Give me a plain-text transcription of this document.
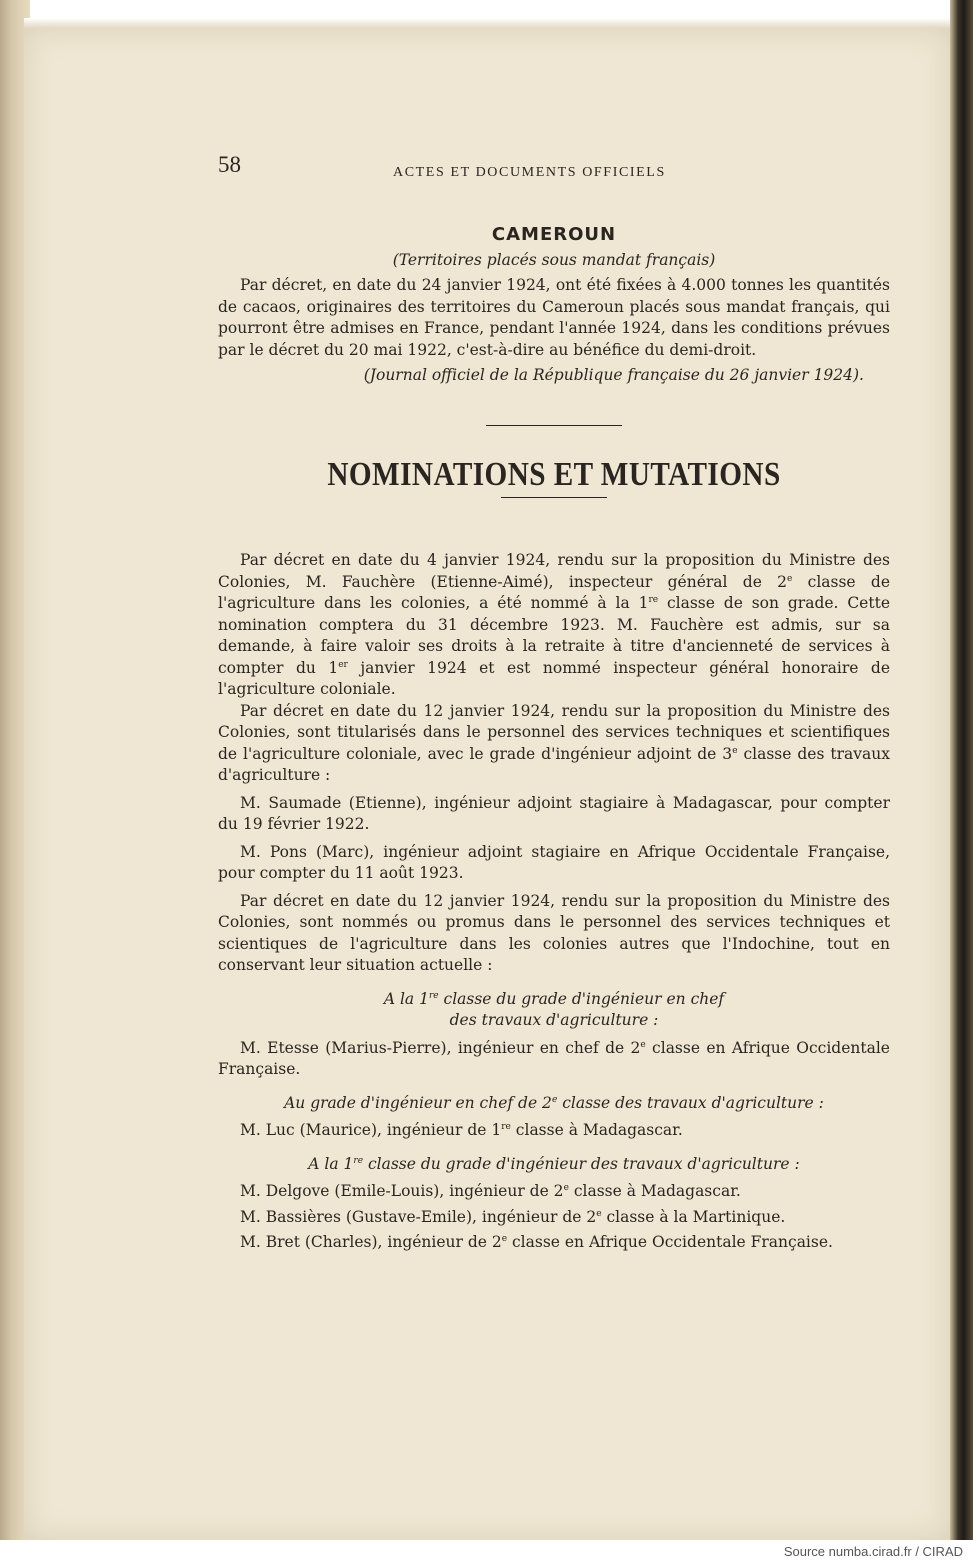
58	ACTES ET DOCUMENTS OFFICIELS
CAMEROUN
(Territoires placés sous mandat français)

Par décret, en date du 24 janvier 1924, ont été fixées à 4.000 tonnes les quantités de cacaos, originaires des territoires du Cameroun placés sous mandat français, qui pourront être admises en France, pendant l'année 1924, dans les conditions prévues par le décret du 20 mai 1922, c'est-à-dire au bénéfice du demi-droit.

(Journal officiel de la République française du 26 janvier 1924).

NOMINATIONS ET MUTATIONS

Par décret en date du 4 janvier 1924, rendu sur la proposition du Ministre des Colonies, M. Fauchère (Etienne-Aimé), inspecteur général de 2e classe de l'agriculture dans les colonies, a été nommé à la 1re classe de son grade. Cette nomination comptera du 31 décembre 1923. M. Fauchère est admis, sur sa demande, à faire valoir ses droits à la retraite à titre d'ancienneté de services à compter du 1er janvier 1924 et est nommé inspecteur général honoraire de l'agriculture coloniale.

Par décret en date du 12 janvier 1924, rendu sur la proposition du Ministre des Colonies, sont titularisés dans le personnel des services techniques et scientifiques de l'agriculture coloniale, avec le grade d'ingénieur adjoint de 3e classe des travaux d'agriculture :

M. Saumade (Etienne), ingénieur adjoint stagiaire à Madagascar, pour compter du 19 février 1922.

M. Pons (Marc), ingénieur adjoint stagiaire en Afrique Occidentale Française, pour compter du 11 août 1923.

Par décret en date du 12 janvier 1924, rendu sur la proposition du Ministre des Colonies, sont nommés ou promus dans le personnel des services techniques et scientiques de l'agriculture dans les colonies autres que l'Indochine, tout en conservant leur situation actuelle :

A la 1re classe du grade d'ingénieur en chef
des travaux d'agriculture :

M. Etesse (Marius-Pierre), ingénieur en chef de 2e classe en Afrique Occidentale Française.

Au grade d'ingénieur en chef de 2e classe des travaux d'agriculture :

M. Luc (Maurice), ingénieur de 1re classe à Madagascar.

A la 1re classe du grade d'ingénieur des travaux d'agriculture :

M. Delgove (Emile-Louis), ingénieur de 2e classe à Madagascar.

M. Bassières (Gustave-Emile), ingénieur de 2e classe à la Martinique.

M. Bret (Charles), ingénieur de 2e classe en Afrique Occidentale Française.

Source numba.cirad.fr / CIRAD
